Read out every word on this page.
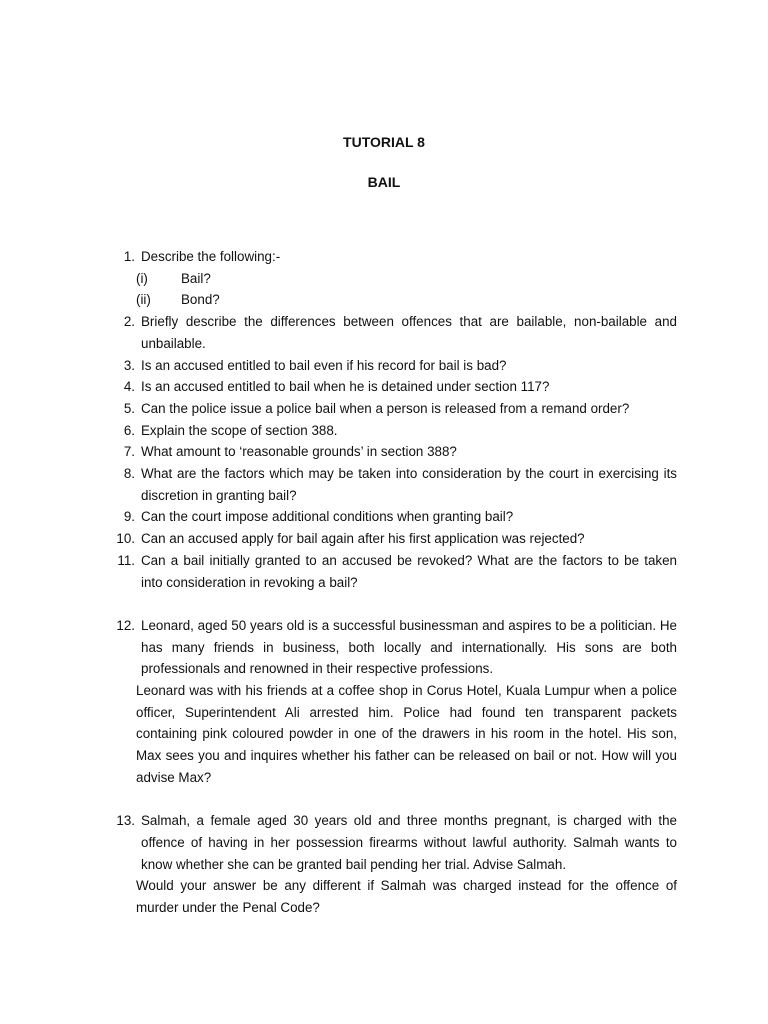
TUTORIAL 8
BAIL
1. Describe the following:-
(i) Bail?
(ii) Bond?
2. Briefly describe the differences between offences that are bailable, non-bailable and unbailable.
3. Is an accused entitled to bail even if his record for bail is bad?
4. Is an accused entitled to bail when he is detained under section 117?
5. Can the police issue a police bail when a person is released from a remand order?
6. Explain the scope of section 388.
7. What amount to ‘reasonable grounds’ in section 388?
8. What are the factors which may be taken into consideration by the court in exercising its discretion in granting bail?
9. Can the court impose additional conditions when granting bail?
10. Can an accused apply for bail again after his first application was rejected?
11. Can a bail initially granted to an accused be revoked? What are the factors to be taken into consideration in revoking a bail?
12. Leonard, aged 50 years old is a successful businessman and aspires to be a politician. He has many friends in business, both locally and internationally. His sons are both professionals and renowned in their respective professions.
Leonard was with his friends at a coffee shop in Corus Hotel, Kuala Lumpur when a police officer, Superintendent Ali arrested him. Police had found ten transparent packets containing pink coloured powder in one of the drawers in his room in the hotel. His son, Max sees you and inquires whether his father can be released on bail or not. How will you advise Max?
13. Salmah, a female aged 30 years old and three months pregnant, is charged with the offence of having in her possession firearms without lawful authority. Salmah wants to know whether she can be granted bail pending her trial. Advise Salmah.
Would your answer be any different if Salmah was charged instead for the offence of murder under the Penal Code?
